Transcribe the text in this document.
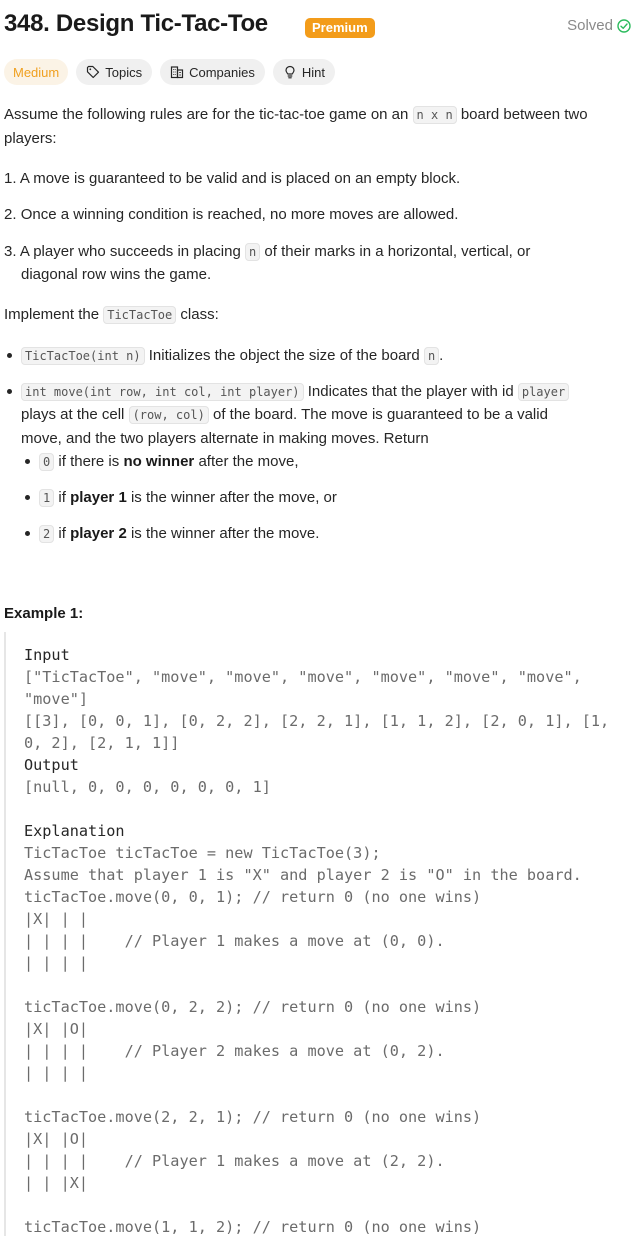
348. Design Tic-Tac-Toe	Premium	Solved
Medium	Topics	Companies	Hint
Assume the following rules are for the tic-tac-toe game on an n x n board between two players:
1. A move is guaranteed to be valid and is placed on an empty block.
2. Once a winning condition is reached, no more moves are allowed.
3. A player who succeeds in placing n of their marks in a horizontal, vertical, or
diagonal row wins the game.
Implement the TicTacToe class:
TicTacToe(int n) Initializes the object the size of the board n .
int move(int row, int col, int player) Indicates that the player with id player
plays at the cell (row, col) of the board. The move is guaranteed to be a valid
move, and the two players alternate in making moves. Return
0 if there is no winner after the move,
1 if player 1 is the winner after the move, or
2 if player 2 is the winner after the move.
Example 1:
Input
["TicTacToe", "move", "move", "move", "move", "move", "move",
"move"]
[[3], [0, 0, 1], [0, 2, 2], [2, 2, 1], [1, 1, 2], [2, 0, 1], [1,
0, 2], [2, 1, 1]]
Output
[null, 0, 0, 0, 0, 0, 0, 1]

Explanation
TicTacToe ticTacToe = new TicTacToe(3);
Assume that player 1 is "X" and player 2 is "O" in the board.
ticTacToe.move(0, 0, 1); // return 0 (no one wins)
|X| | |
| | | |    // Player 1 makes a move at (0, 0).
| | | |

ticTacToe.move(0, 2, 2); // return 0 (no one wins)
|X| |O|
| | | |    // Player 2 makes a move at (0, 2).
| | | |

ticTacToe.move(2, 2, 1); // return 0 (no one wins)
|X| |O|
| | | |    // Player 1 makes a move at (2, 2).
| | |X|

ticTacToe.move(1, 1, 2); // return 0 (no one wins)
